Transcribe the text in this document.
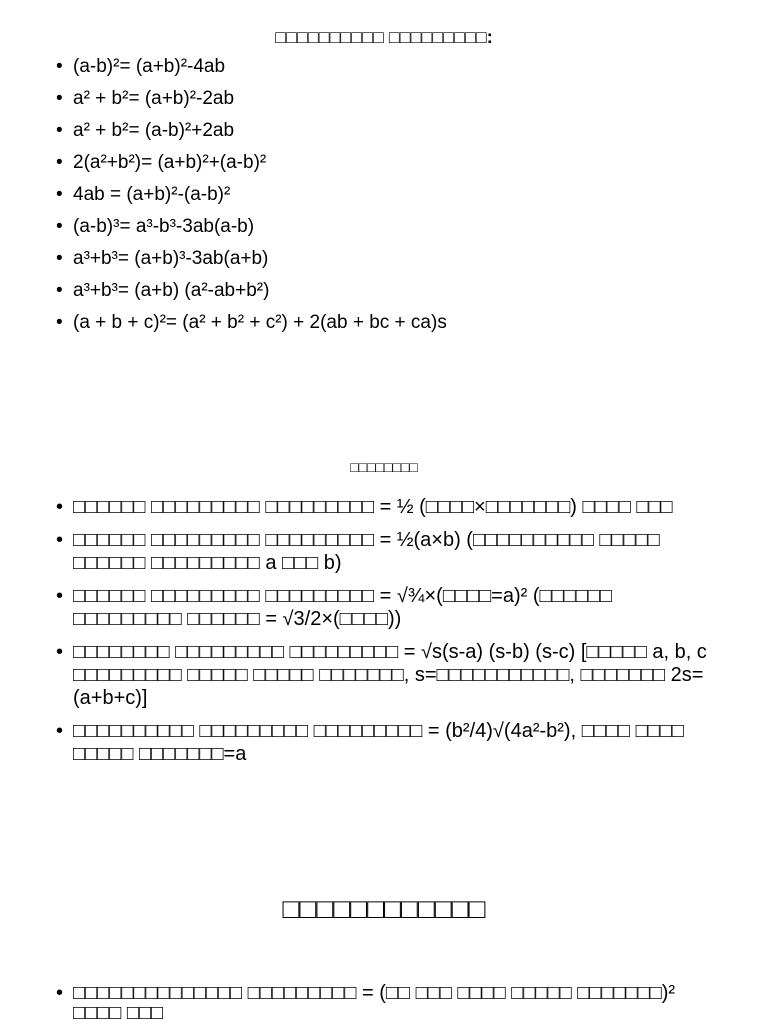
□□□□□□□□□□ □□□□□□□□□:
• (a-b)²= (a+b)²-4ab
• a² + b²= (a+b)²-2ab
• a² + b²= (a-b)²+2ab
• 2(a²+b²)= (a+b)²+(a-b)²
• 4ab = (a+b)²-(a-b)²
• (a-b)³= a³-b³-3ab(a-b)
• a³+b³= (a+b)³-3ab(a+b)
• a³+b³= (a+b) (a²-ab+b²)
• (a + b + c)²= (a² + b² + c²) + 2(ab + bc + ca)s
□□□□□□□□
• □□□□□□ □□□□□□□□□ □□□□□□□□□ = ½ (□□□□×□□□□□□□) □□□□ □□□
• □□□□□□ □□□□□□□□□ □□□□□□□□□ = ½(a×b) (□□□□□□□□□□ □□□□□ □□□□□□ □□□□□□□□□ a □□□ b)
• □□□□□□ □□□□□□□□□ □□□□□□□□□ = √¾×(□□□□=a)² (□□□□□□ □□□□□□□□□ □□□□□□ = √3/2×(□□□□))
• □□□□□□□□ □□□□□□□□□ □□□□□□□□□ = √s(s-a) (s-b) (s-c) [□□□□□ a, b, c □□□□□□□□□ □□□□□ □□□□□ □□□□□□□, s=□□□□□□□□□□□, □□□□□□□ 2s=(a+b+c)]
• □□□□□□□□□□ □□□□□□□□□ □□□□□□□□□ = (b²/4)√(4a²-b²), □□□□ □□□□ □□□□□ □□□□□□□=a
□□□□□□□□□□□□
• □□□□□□□□□□□□□□ □□□□□□□□□ = (□□ □□□ □□□□ □□□□□ □□□□□□□)² □□□□ □□□
